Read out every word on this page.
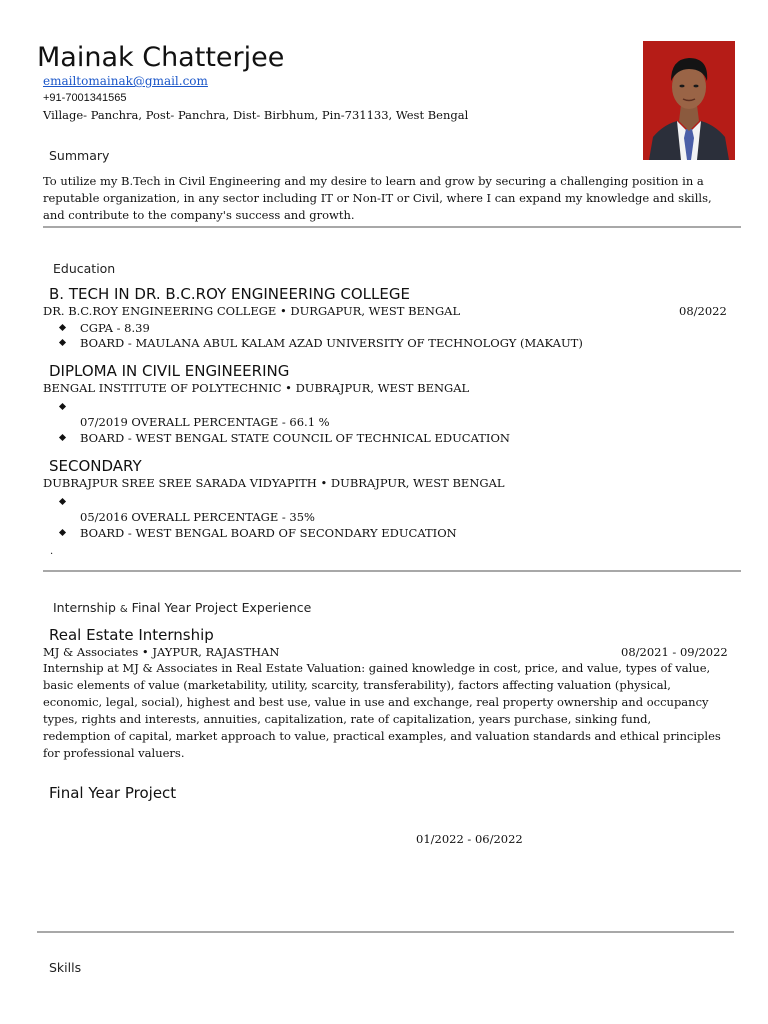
Mainak Chatterjee
emailtomainak@gmail.com
+91-7001341565
Village- Panchra, Post- Panchra, Dist- Birbhum, Pin-731133, West Bengal
Summary
To utilize my B.Tech in Civil Engineering and my desire to learn and grow by securing a challenging position in a reputable organization, in any sector including IT or Non-IT or Civil, where I can expand my knowledge and skills, and contribute to the company's success and growth.
Education
B. TECH IN DR. B.C.ROY ENGINEERING COLLEGE
DR. B.C.ROY ENGINEERING COLLEGE • DURGAPUR, WEST BENGAL	08/2022
CGPA - 8.39
BOARD - MAULANA ABUL KALAM AZAD UNIVERSITY OF TECHNOLOGY (MAKAUT)
DIPLOMA IN CIVIL ENGINEERING
BENGAL INSTITUTE OF POLYTECHNIC • DUBRAJPUR, WEST BENGAL
07/2019 OVERALL PERCENTAGE - 66.1 %
BOARD - WEST BENGAL STATE COUNCIL OF TECHNICAL EDUCATION
SECONDARY
DUBRAJPUR SREE SREE SARADA VIDYAPITH • DUBRAJPUR, WEST BENGAL
05/2016 OVERALL PERCENTAGE - 35%
BOARD - WEST BENGAL BOARD OF SECONDARY EDUCATION
.
Internship & Final Year Project Experience
Real Estate Internship
MJ & Associates • JAYPUR, RAJASTHAN	08/2021 - 09/2022
Internship at MJ & Associates in Real Estate Valuation: gained knowledge in cost, price, and value, types of value, basic elements of value (marketability, utility, scarcity, transferability), factors affecting valuation (physical, economic, legal, social), highest and best use, value in use and exchange, real property ownership and occupancy types, rights and interests, annuities, capitalization, rate of capitalization, years purchase, sinking fund, redemption of capital, market approach to value, practical examples, and valuation standards and ethical principles for professional valuers.
Final Year Project
01/2022 - 06/2022
Skills
